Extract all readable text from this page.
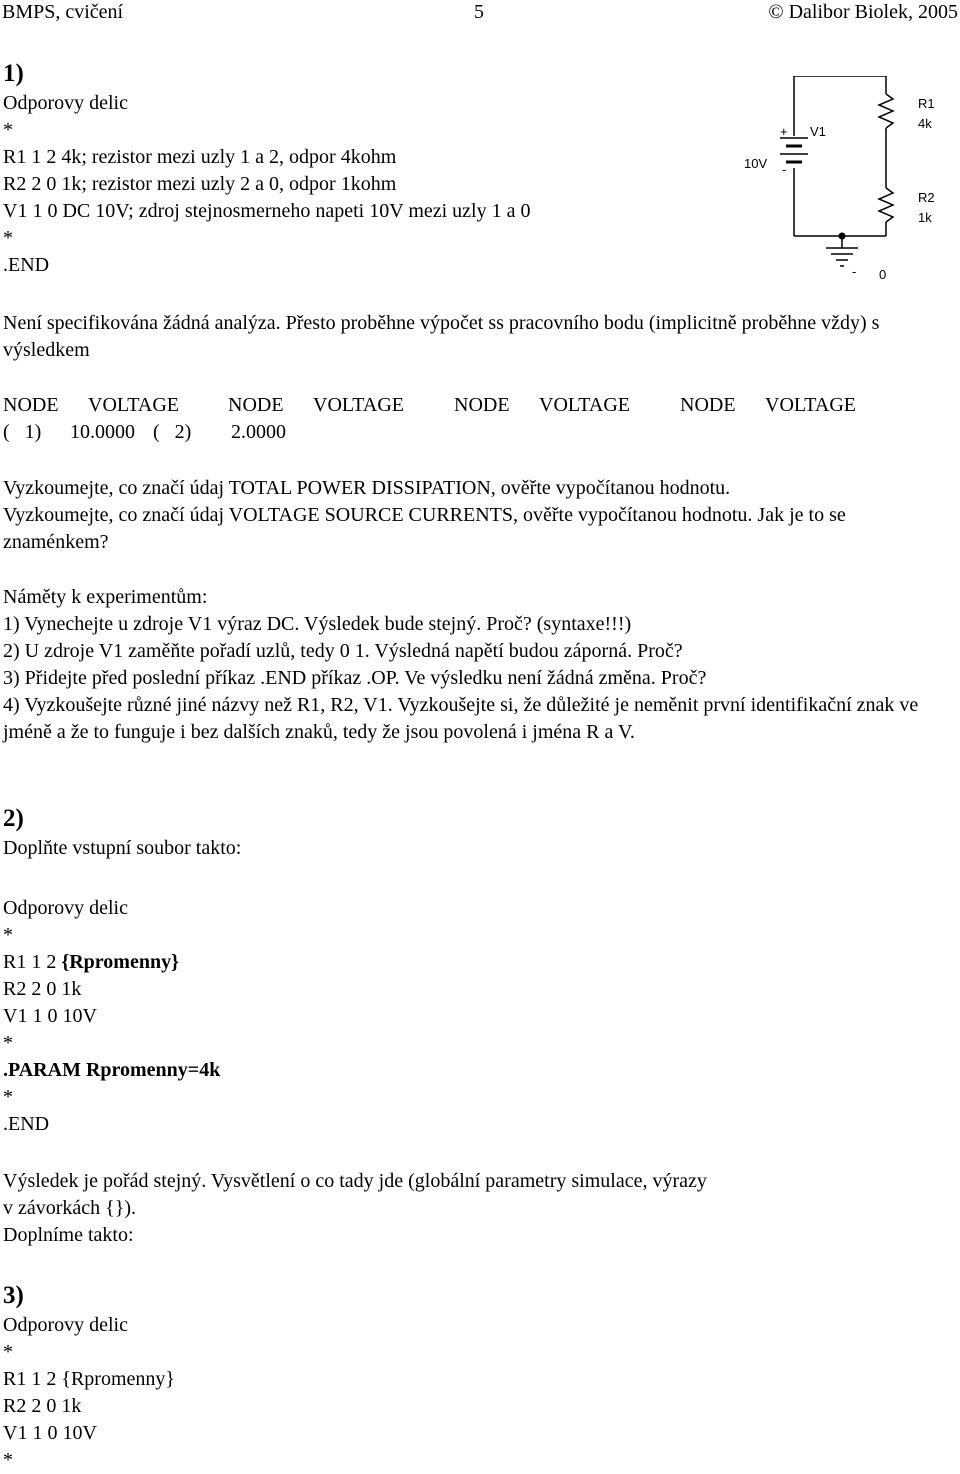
BMPS, cvičení	5	© Dalibor Biolek, 2005
1)
Odporovy delic
*
R1 1 2 4k; rezistor mezi uzly 1 a 2, odpor 4kohm
R2 2 0 1k; rezistor mezi uzly 2 a 0, odpor 1kohm
V1 1 0 DC 10V; zdroj stejnosmerneho napeti 10V mezi uzly 1 a 0
*
.END
+
-
10V
V1
R1
4k
R2
1k
- 0
Není specifikována žádná analýza. Přesto proběhne výpočet ss pracovního bodu (implicitně proběhne vždy) s výsledkem
NODE VOLTAGE NODE VOLTAGE	NODE VOLTAGE	NODE VOLTAGE
(   1) 10.0000 (   2) 2.0000
Vyzkoumejte, co značí údaj TOTAL POWER DISSIPATION, ověřte vypočítanou hodnotu.
Vyzkoumejte, co značí údaj VOLTAGE SOURCE CURRENTS, ověřte vypočítanou hodnotu. Jak je to se znaménkem?
Náměty k experimentům:
1) Vynechejte u zdroje V1 výraz DC. Výsledek bude stejný. Proč? (syntaxe!!!)
2) U zdroje V1 zaměňte pořadí uzlů, tedy 0 1. Výsledná napětí budou záporná. Proč?
3) Přidejte před poslední příkaz .END příkaz .OP. Ve výsledku není žádná změna. Proč?
4) Vyzkoušejte různé jiné názvy než R1, R2, V1. Vyzkoušejte si, že důležité je neměnit první identifikační znak ve jméně a že to funguje i bez dalších znaků, tedy že jsou povolená i jména R a V.
2)
Doplňte vstupní soubor takto:
Odporovy delic
*
R1 1 2 {Rpromenny}
R2 2 0 1k
V1 1 0 10V
*
.PARAM Rpromenny=4k
*
.END
Výsledek je pořád stejný. Vysvětlení o co tady jde (globální parametry simulace, výrazy
v závorkách {}).
Doplníme takto:
3)
Odporovy delic
*
R1 1 2 {Rpromenny}
R2 2 0 1k
V1 1 0 10V
*
